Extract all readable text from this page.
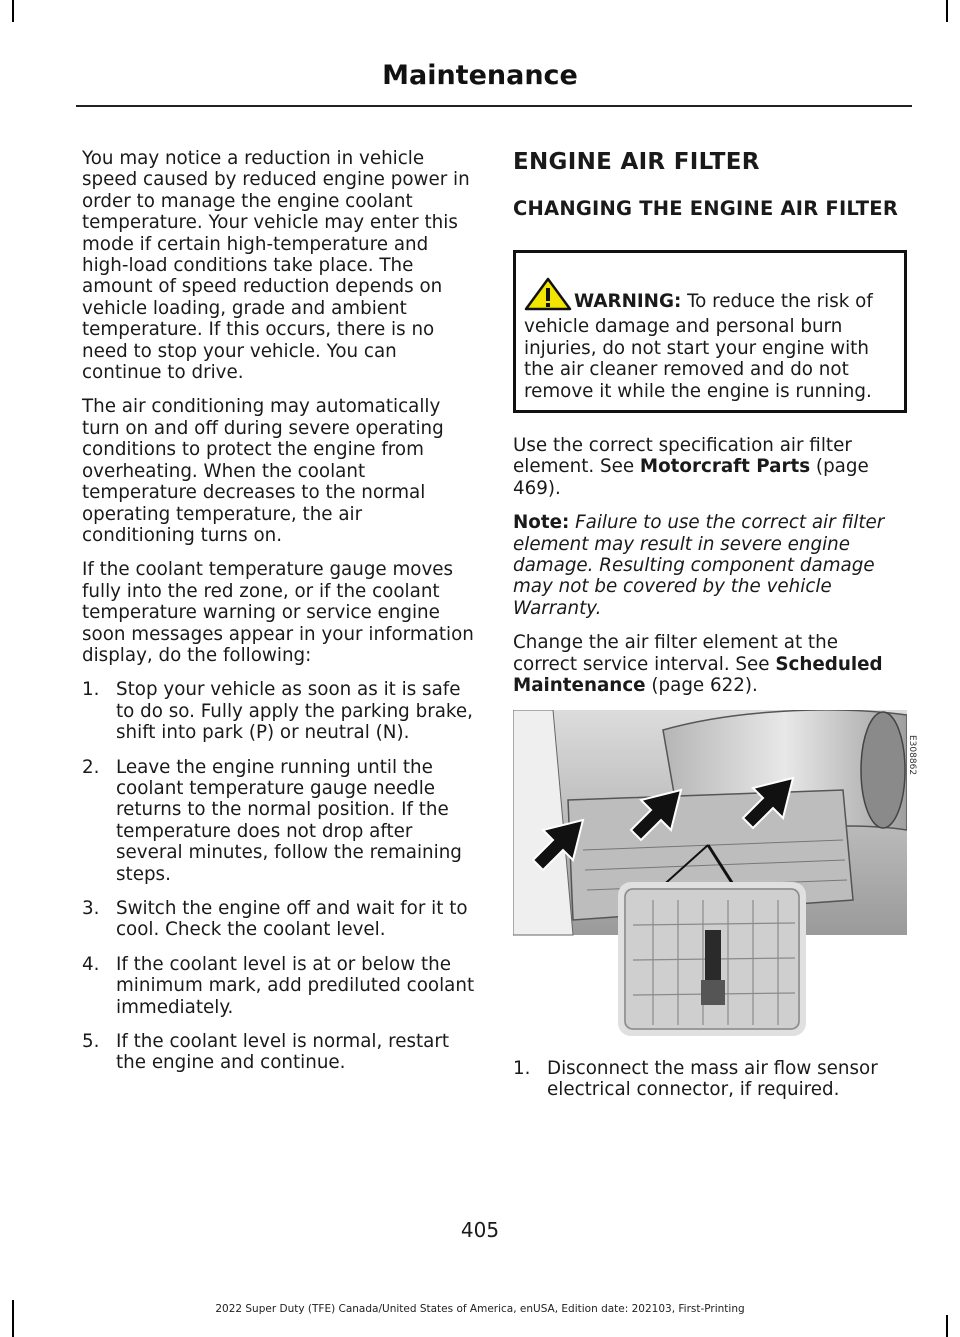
Maintenance

You may notice a reduction in vehicle speed caused by reduced engine power in order to manage the engine coolant temperature. Your vehicle may enter this mode if certain high-temperature and high-load conditions take place. The amount of speed reduction depends on vehicle loading, grade and ambient temperature. If this occurs, there is no need to stop your vehicle. You can continue to drive.

The air conditioning may automatically turn on and off during severe operating conditions to protect the engine from overheating. When the coolant temperature decreases to the normal operating temperature, the air conditioning turns on.

If the coolant temperature gauge moves fully into the red zone, or if the coolant temperature warning or service engine soon messages appear in your information display, do the following:

1. Stop your vehicle as soon as it is safe to do so. Fully apply the parking brake, shift into park (P) or neutral (N).
2. Leave the engine running until the coolant temperature gauge needle returns to the normal position. If the temperature does not drop after several minutes, follow the remaining steps.
3. Switch the engine off and wait for it to cool. Check the coolant level.
4. If the coolant level is at or below the minimum mark, add prediluted coolant immediately.
5. If the coolant level is normal, restart the engine and continue.
ENGINE AIR FILTER
CHANGING THE ENGINE AIR FILTER
WARNING: To reduce the risk of vehicle damage and personal burn injuries, do not start your engine with the air cleaner removed and do not remove it while the engine is running.

Use the correct specification air filter element. See Motorcraft Parts (page 469).

Note: Failure to use the correct air filter element may result in severe engine damage. Resulting component damage may not be covered by the vehicle Warranty.

Change the air filter element at the correct service interval. See Scheduled Maintenance (page 622).

1. Disconnect the mass air flow sensor electrical connector, if required.
E308862
405
2022 Super Duty (TFE) Canada/United States of America, enUSA, Edition date: 202103, First-Printing
